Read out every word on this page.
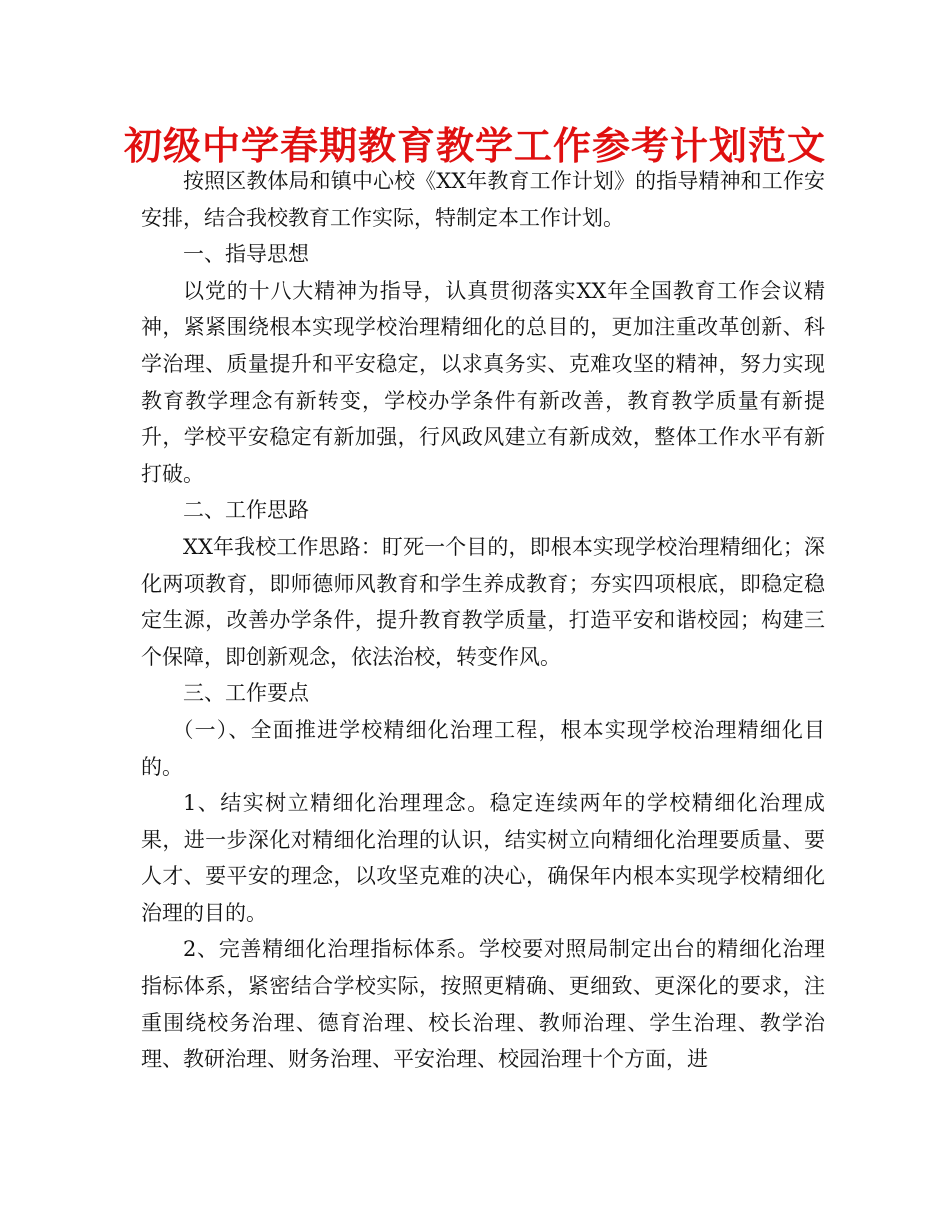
初级中学春期教育教学工作参考计划范文

按照区教体局和镇中心校《XX年教育工作计划》的指导精神和工作安安排，结合我校教育工作实际，特制定本工作计划。

一、指导思想

以党的十八大精神为指导，认真贯彻落实XX年全国教育工作会议精神，紧紧围绕根本实现学校治理精细化的总目的，更加注重改革创新、科学治理、质量提升和平安稳定，以求真务实、克难攻坚的精神，努力实现教育教学理念有新转变，学校办学条件有新改善，教育教学质量有新提升，学校平安稳定有新加强，行风政风建立有新成效，整体工作水平有新打破。

二、工作思路

XX年我校工作思路：盯死一个目的，即根本实现学校治理精细化；深化两项教育，即师德师风教育和学生养成教育；夯实四项根底，即稳定稳定生源，改善办学条件，提升教育教学质量，打造平安和谐校园；构建三个保障，即创新观念，依法治校，转变作风。

三、工作要点

（一）、全面推进学校精细化治理工程，根本实现学校治理精细化目的。

1、结实树立精细化治理理念。稳定连续两年的学校精细化治理成果，进一步深化对精细化治理的认识，结实树立向精细化治理要质量、要人才、要平安的理念，以攻坚克难的决心，确保年内根本实现学校精细化治理的目的。

2、完善精细化治理指标体系。学校要对照局制定出台的精细化治理指标体系，紧密结合学校实际，按照更精确、更细致、更深化的要求，注重围绕校务治理、德育治理、校长治理、教师治理、学生治理、教学治理、教研治理、财务治理、平安治理、校园治理十个方面，进
